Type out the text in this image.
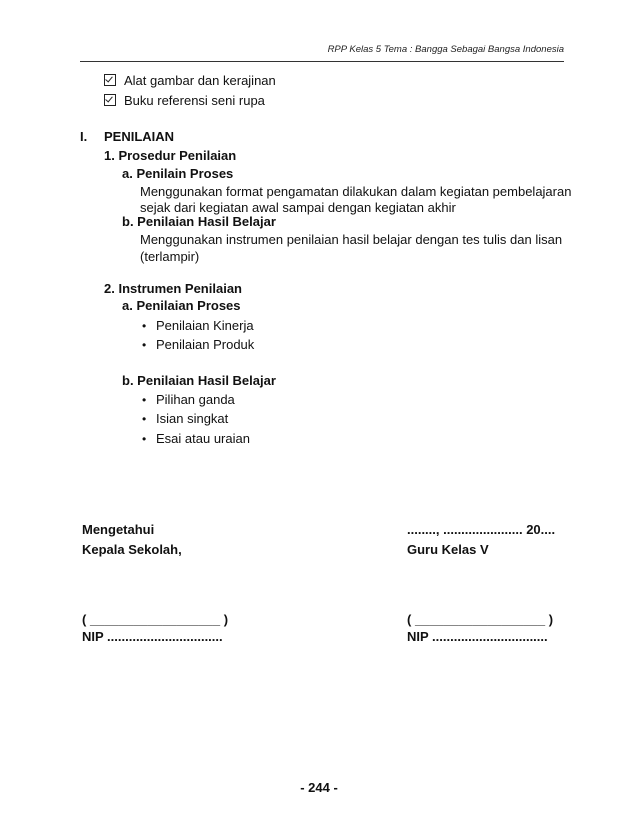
RPP Kelas 5 Tema : Bangga Sebagai Bangsa Indonesia
Alat gambar dan kerajinan
Buku referensi seni rupa
I. PENILAIAN
1. Prosedur Penilaian
a. Penilain Proses
Menggunakan format pengamatan dilakukan dalam kegiatan pembelajaran
sejak dari kegiatan awal sampai dengan kegiatan akhir
b. Penilaian Hasil Belajar
Menggunakan instrumen penilaian hasil belajar dengan tes tulis dan lisan
(terlampir)
2. Instrumen Penilaian
a. Penilaian Proses
• Penilaian Kinerja
• Penilaian Produk
b. Penilaian Hasil Belajar
• Pilihan ganda
• Isian singkat
• Esai atau uraian
Mengetahui
Kepala Sekolah,
( __________________ )
NIP ................................
........, ...................... 20....
Guru Kelas V
( __________________ )
NIP ................................
- 244 -
